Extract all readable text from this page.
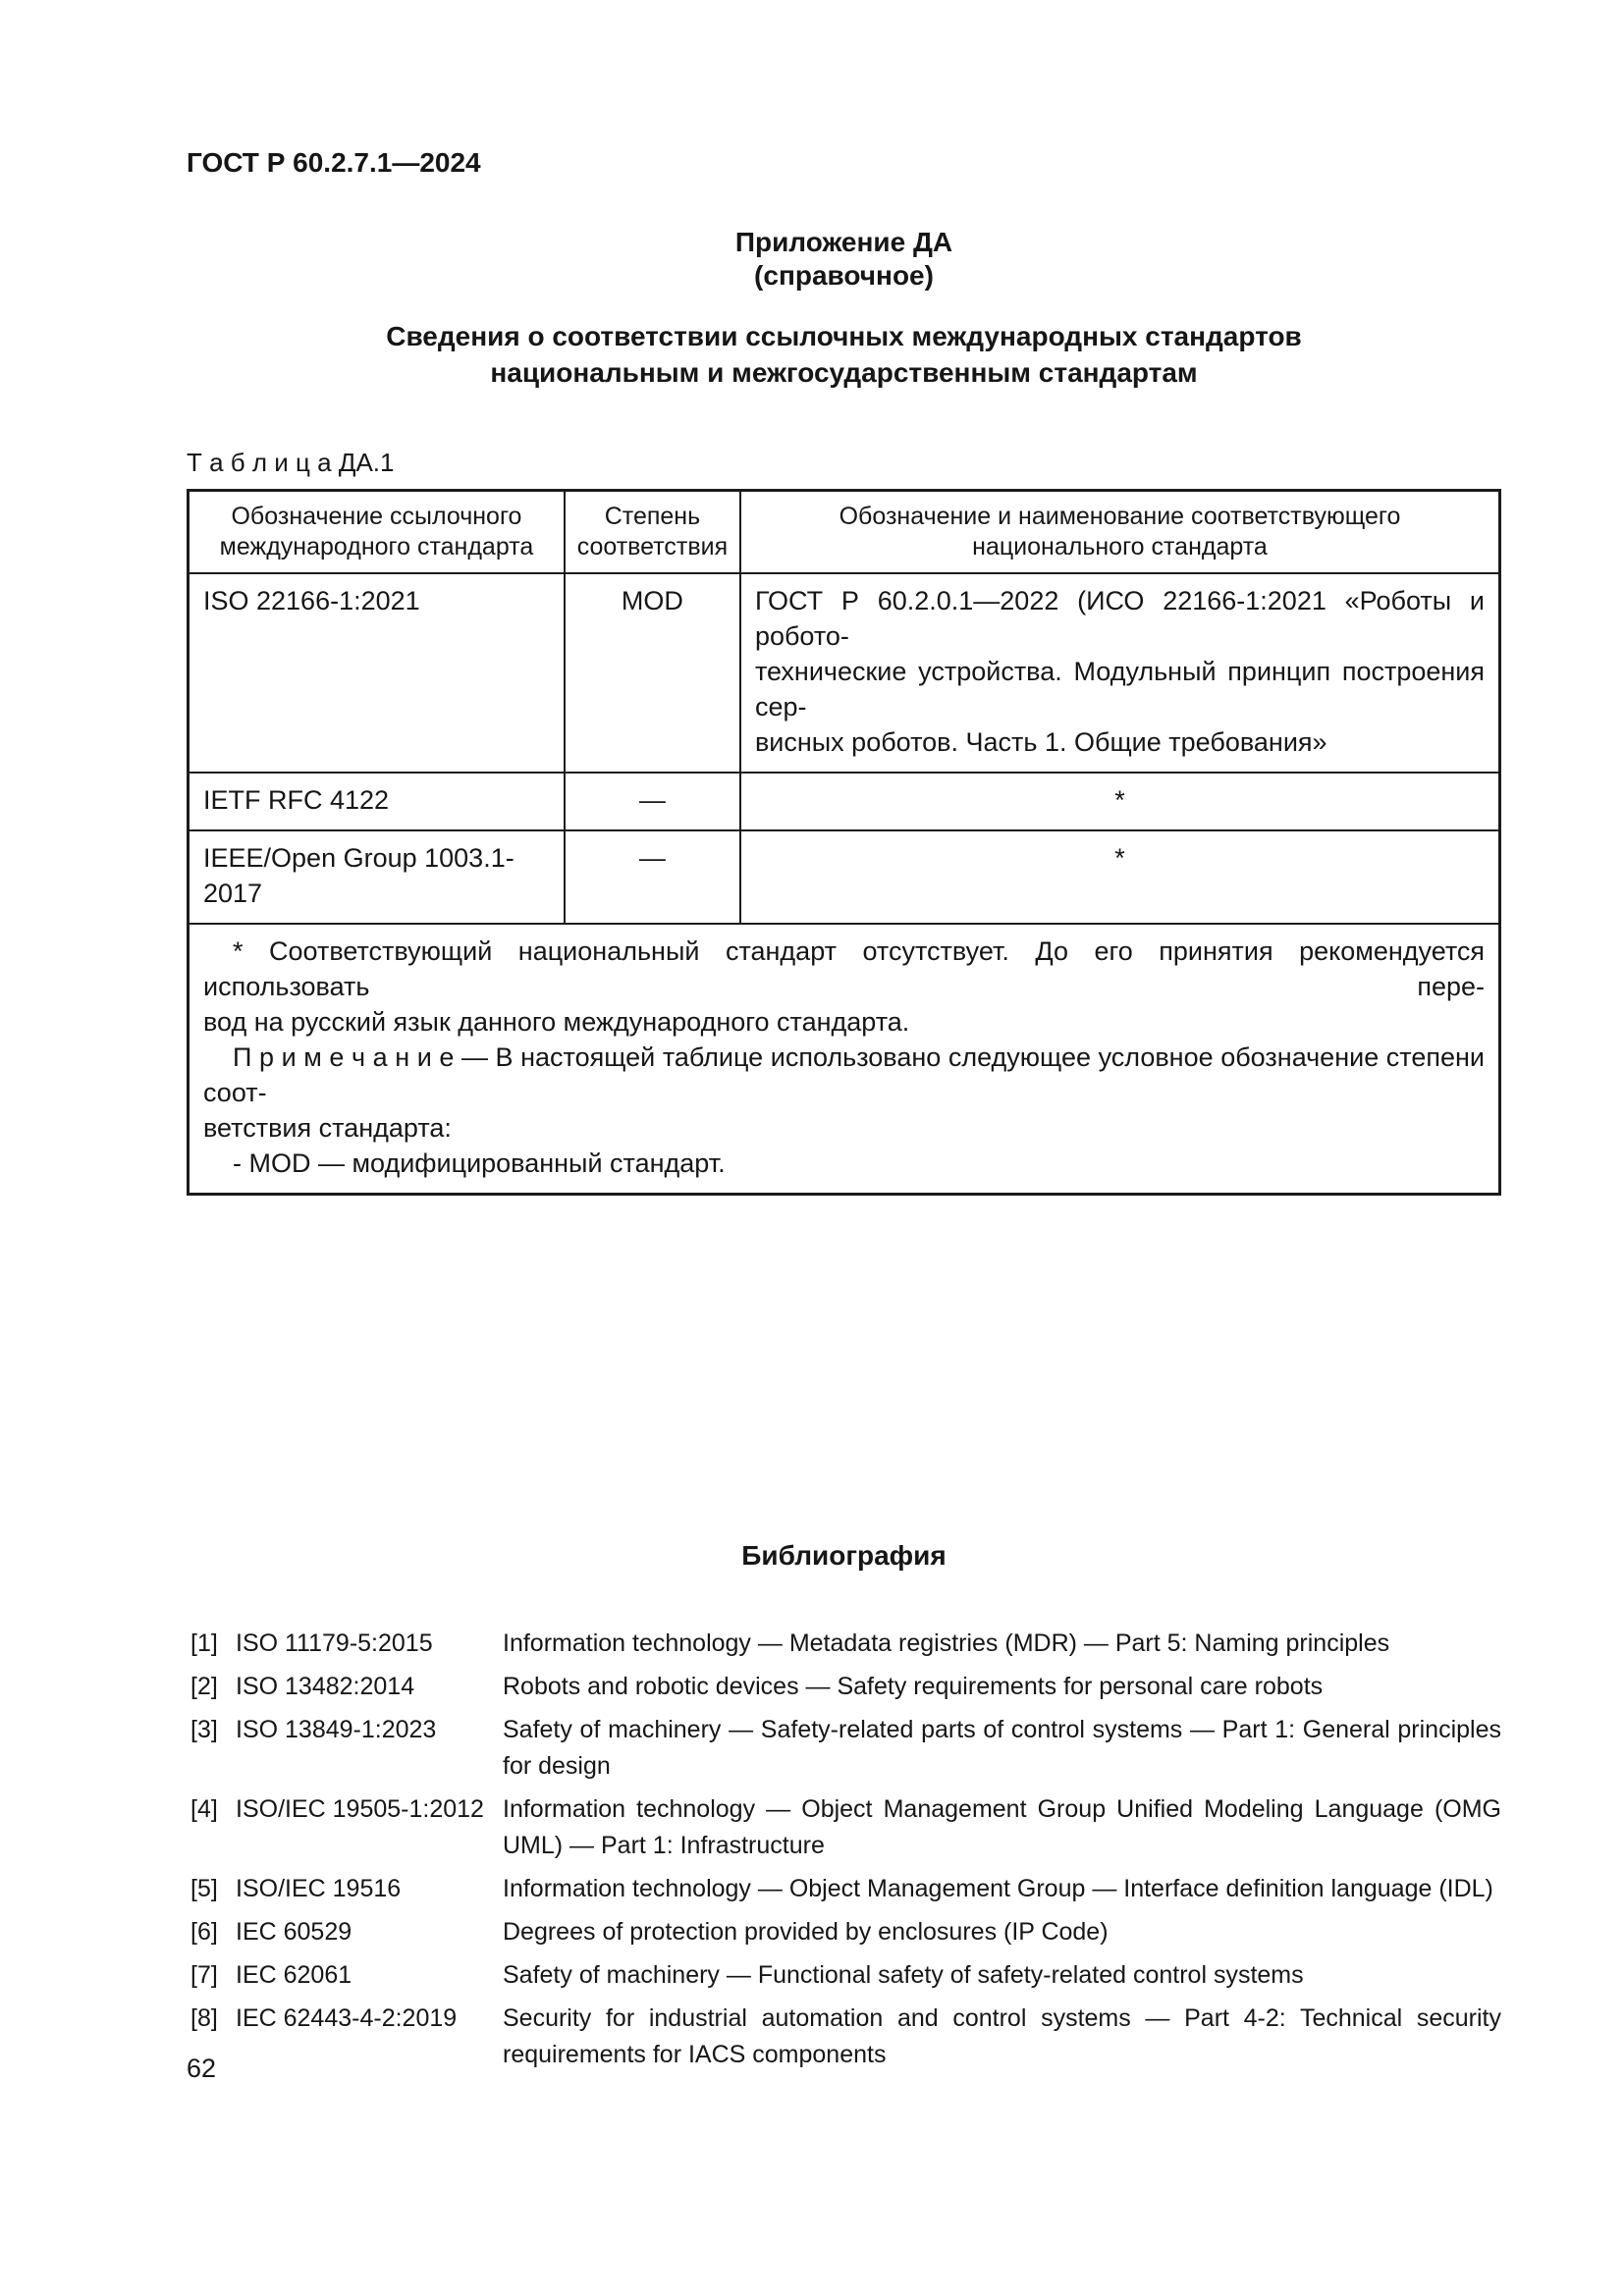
ГОСТ Р 60.2.7.1—2024
Приложение ДА
(справочное)
Сведения о соответствии ссылочных международных стандартов
национальным и межгосударственным стандартам
Т а б л и ц а ДА.1
Обозначение ссылочного международного стандарта	Степень соответствия	Обозначение и наименование соответствующего национального стандарта
ISO 22166-1:2021	MOD	ГОСТ Р 60.2.0.1—2022 (ИСО 22166-1:2021 «Роботы и робото-
технические устройства. Модульный принцип построения сер-
висных роботов. Часть 1. Общие требования»

IETF RFC 4122	—	*
IEEE/Open Group 1003.1-2017	—	*

* Соответствующий национальный стандарт отсутствует. До его принятия рекомендуется использовать пере-
вод на русский язык данного международного стандарта.
П р и м е ч а н и е — В настоящей таблице использовано следующее условное обозначение степени соот-
ветствия стандарта:
- MOD — модифицированный стандарт.		
Библиография
[1] ISO 11179-5:2015	Information technology — Metadata registries (MDR) — Part 5: Naming principles
[2] ISO 13482:2014	Robots and robotic devices — Safety requirements for personal care robots
[3] ISO 13849-1:2023	Safety of machinery — Safety-related parts of control systems — Part 1: General principles for design
[4] ISO/IEC 19505-1:2012 Information technology — Object Management Group Unified Modeling Language (OMG UML) — Part 1: Infrastructure
[5] ISO/IEC 19516	Information technology — Object Management Group — Interface definition language (IDL)
[6] IEC 60529	Degrees of protection provided by enclosures (IP Code)
[7] IEC 62061	Safety of machinery — Functional safety of safety-related control systems
[8] IEC 62443-4-2:2019	Security for industrial automation and control systems — Part 4-2: Technical security requirements for IACS components
62
